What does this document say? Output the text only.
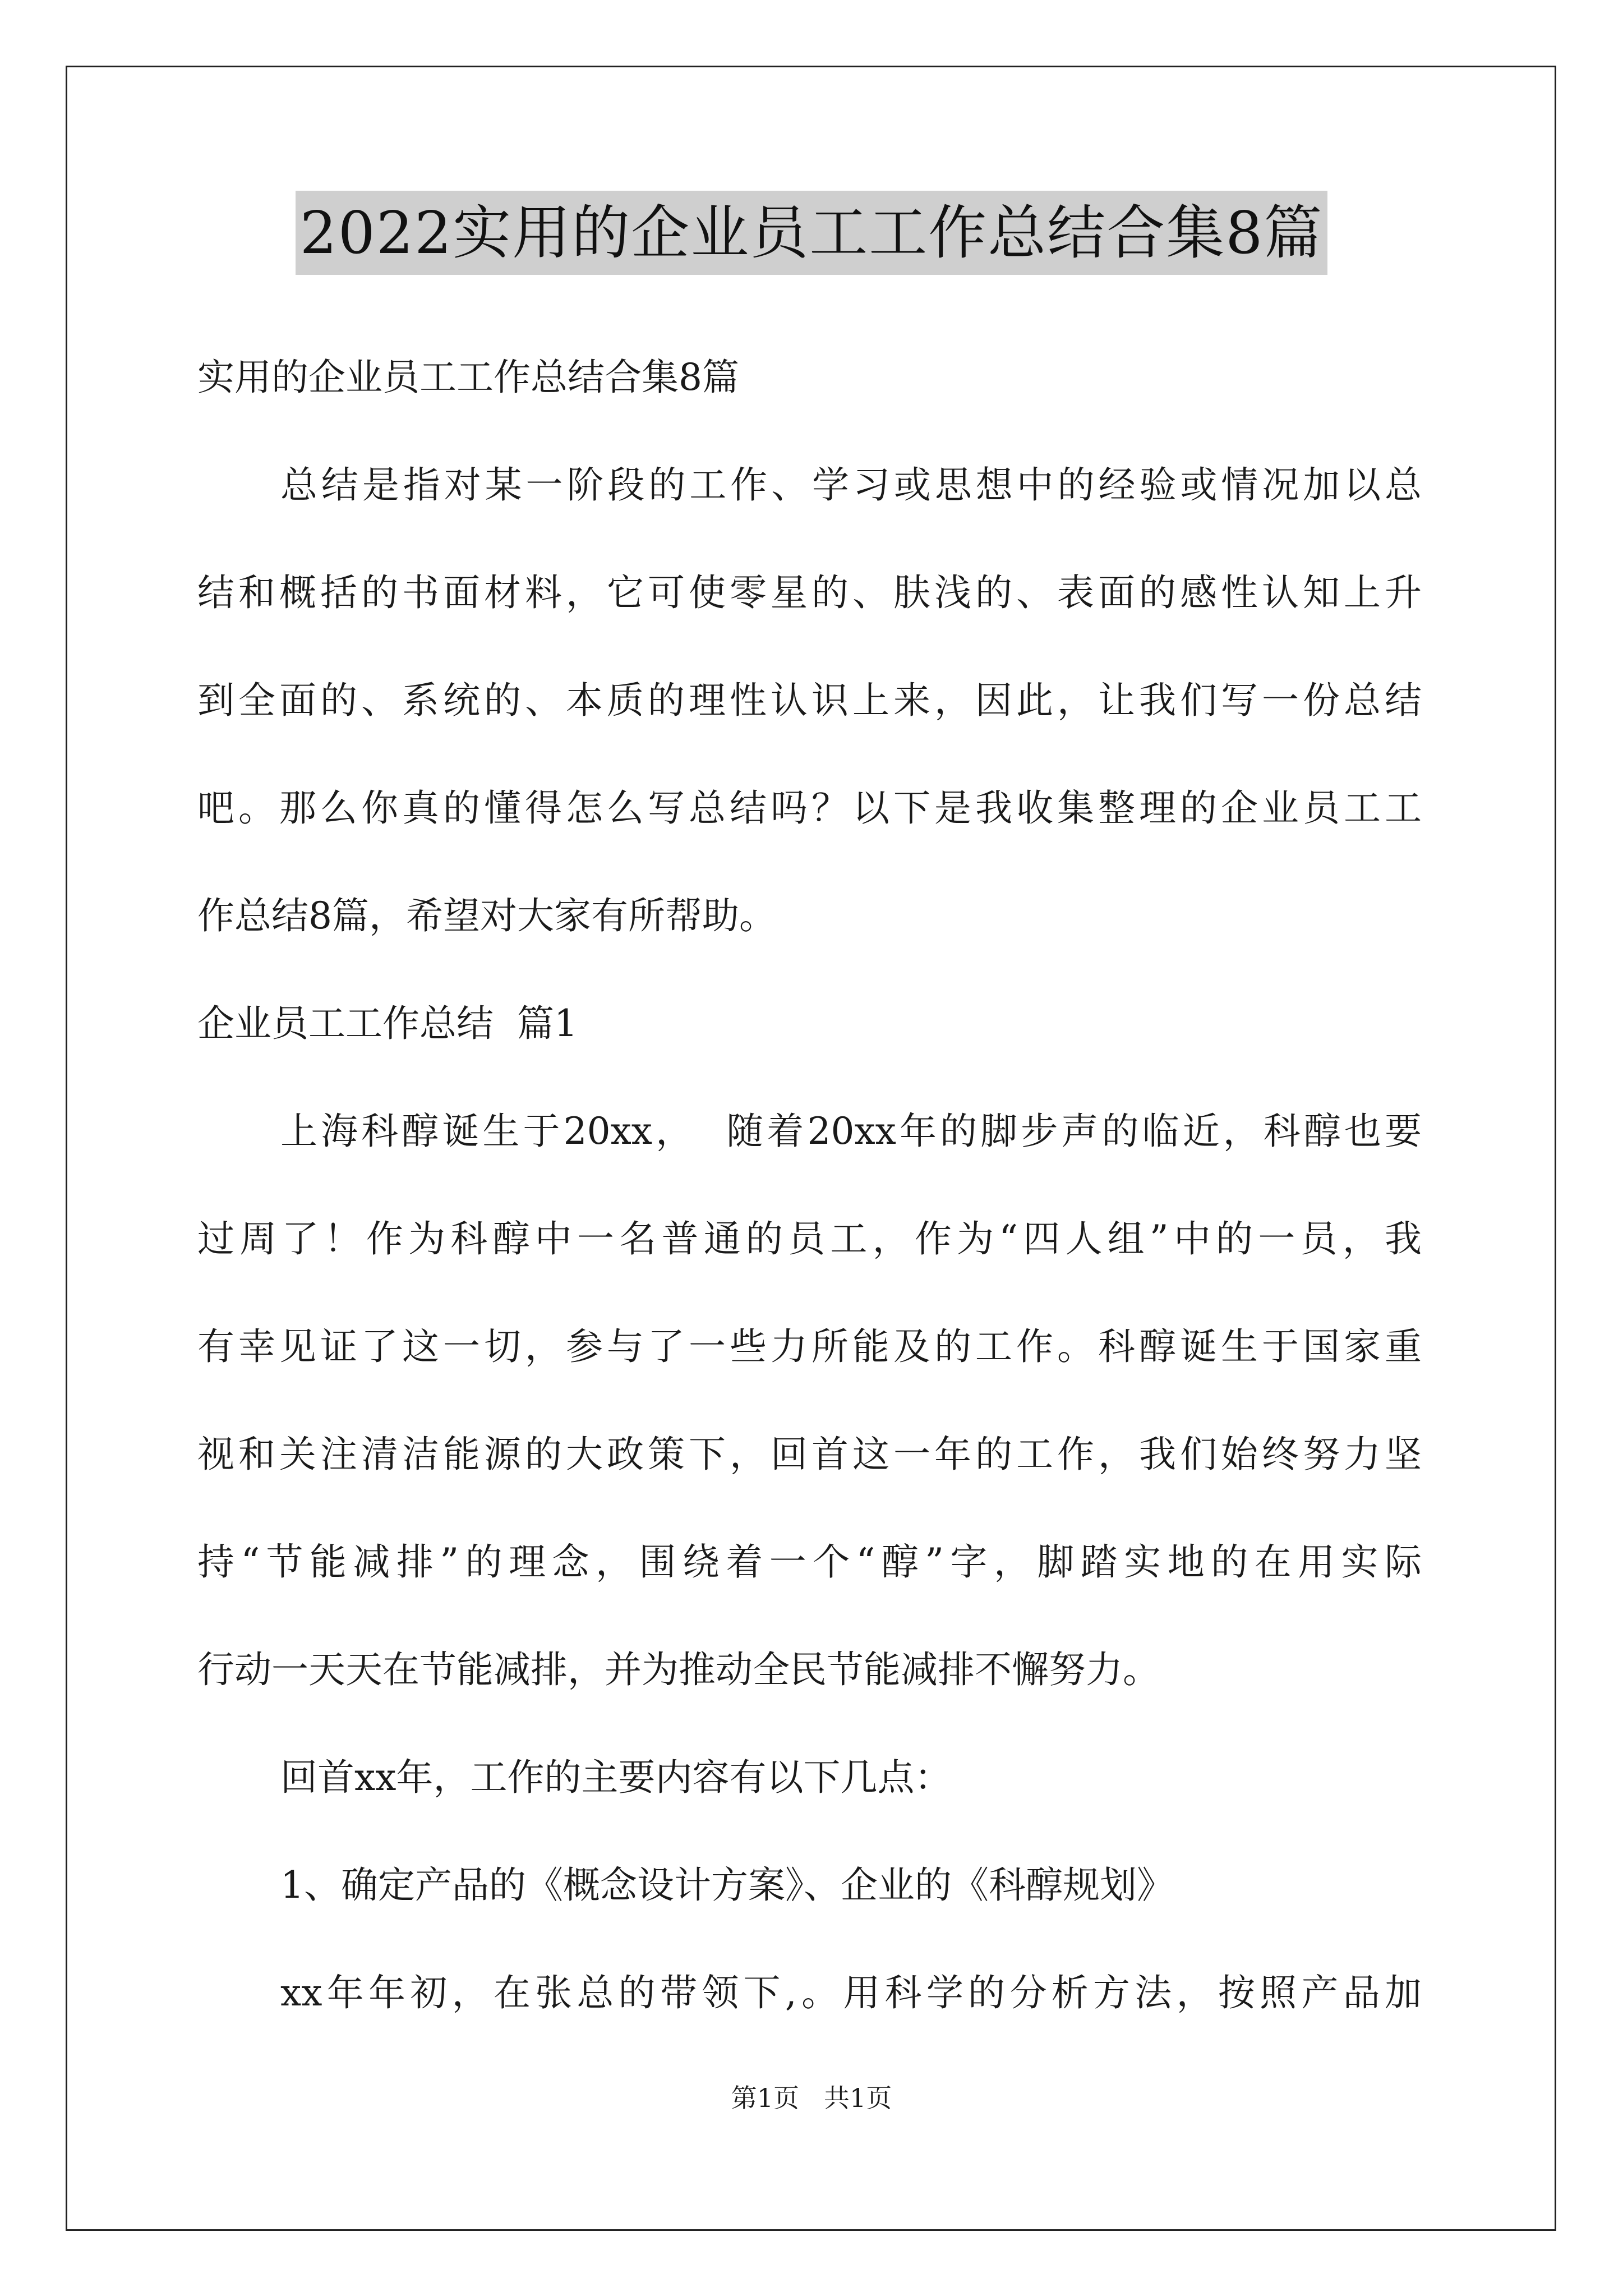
2022实用的企业员工工作总结合集8篇

实用的企业员工工作总结合集8篇

总结是指对某一阶段的工作、学习或思想中的经验或情况加以总

结和概括的书面材料，它可使零星的、肤浅的、表面的感性认知上升

到全面的、系统的、本质的理性认识上来，因此，让我们写一份总结

吧。那么你真的懂得怎么写总结吗？以下是我收集整理的企业员工工

作总结8篇，希望对大家有所帮助。

企业员工工作总结  篇1

上海科醇诞生于20xx，  随着20xx年的脚步声的临近，科醇也要

过周了！作为科醇中一名普通的员工，作为“四人组”中的一员，我

有幸见证了这一切，参与了一些力所能及的工作。科醇诞生于国家重

视和关注清洁能源的大政策下，回首这一年的工作，我们始终努力坚

持“节能减排”的理念，围绕着一个“醇”字，脚踏实地的在用实际

行动一天天在节能减排，并为推动全民节能减排不懈努力。

回首xx年，工作的主要内容有以下几点：

1、确定产品的《概念设计方案》、企业的《科醇规划》

xx年年初，在张总的带领下,。用科学的分析方法，按照产品加

第1页 共1页
